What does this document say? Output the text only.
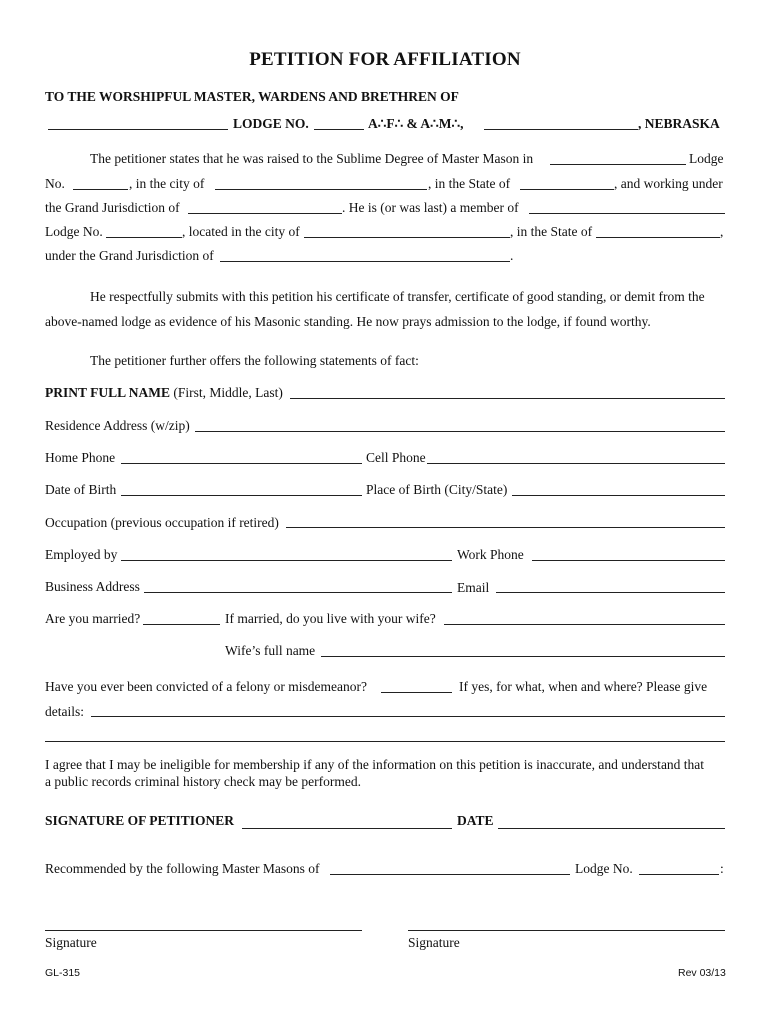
PETITION FOR AFFILIATION
TO THE WORSHIPFUL MASTER, WARDENS AND BRETHREN OF
LODGE NO.	A∴F∴ & A∴M∴,	, NEBRASKA
The petitioner states that he was raised to the Sublime Degree of Master Mason in	Lodge
No.	, in the city of	, in the State of	, and working under
the Grand Jurisdiction of	. He is (or was last) a member of
Lodge No.	, located in the city of	, in the State of	,
under the Grand Jurisdiction of	.
He respectfully submits with this petition his certificate of transfer, certificate of good standing, or demit from the
above-named lodge as evidence of his Masonic standing. He now prays admission to the lodge, if found worthy.
The petitioner further offers the following statements of fact:
PRINT FULL NAME (First, Middle, Last)
Residence Address (w/zip)
Home Phone	Cell Phone
Date of Birth	Place of Birth (City/State)
Occupation (previous occupation if retired)
Employed by	Work Phone
Business Address	Email
Are you married?	If married, do you live with your wife?
Wife’s full name
Have you ever been convicted of a felony or misdemeanor?	If yes, for what, when and where? Please give
details:
I agree that I may be ineligible for membership if any of the information on this petition is inaccurate, and understand that
a public records criminal history check may be performed.
SIGNATURE OF PETITIONER	DATE
Recommended by the following Master Masons of	Lodge No.	:
Signature	Signature
GL-315	Rev 03/13
